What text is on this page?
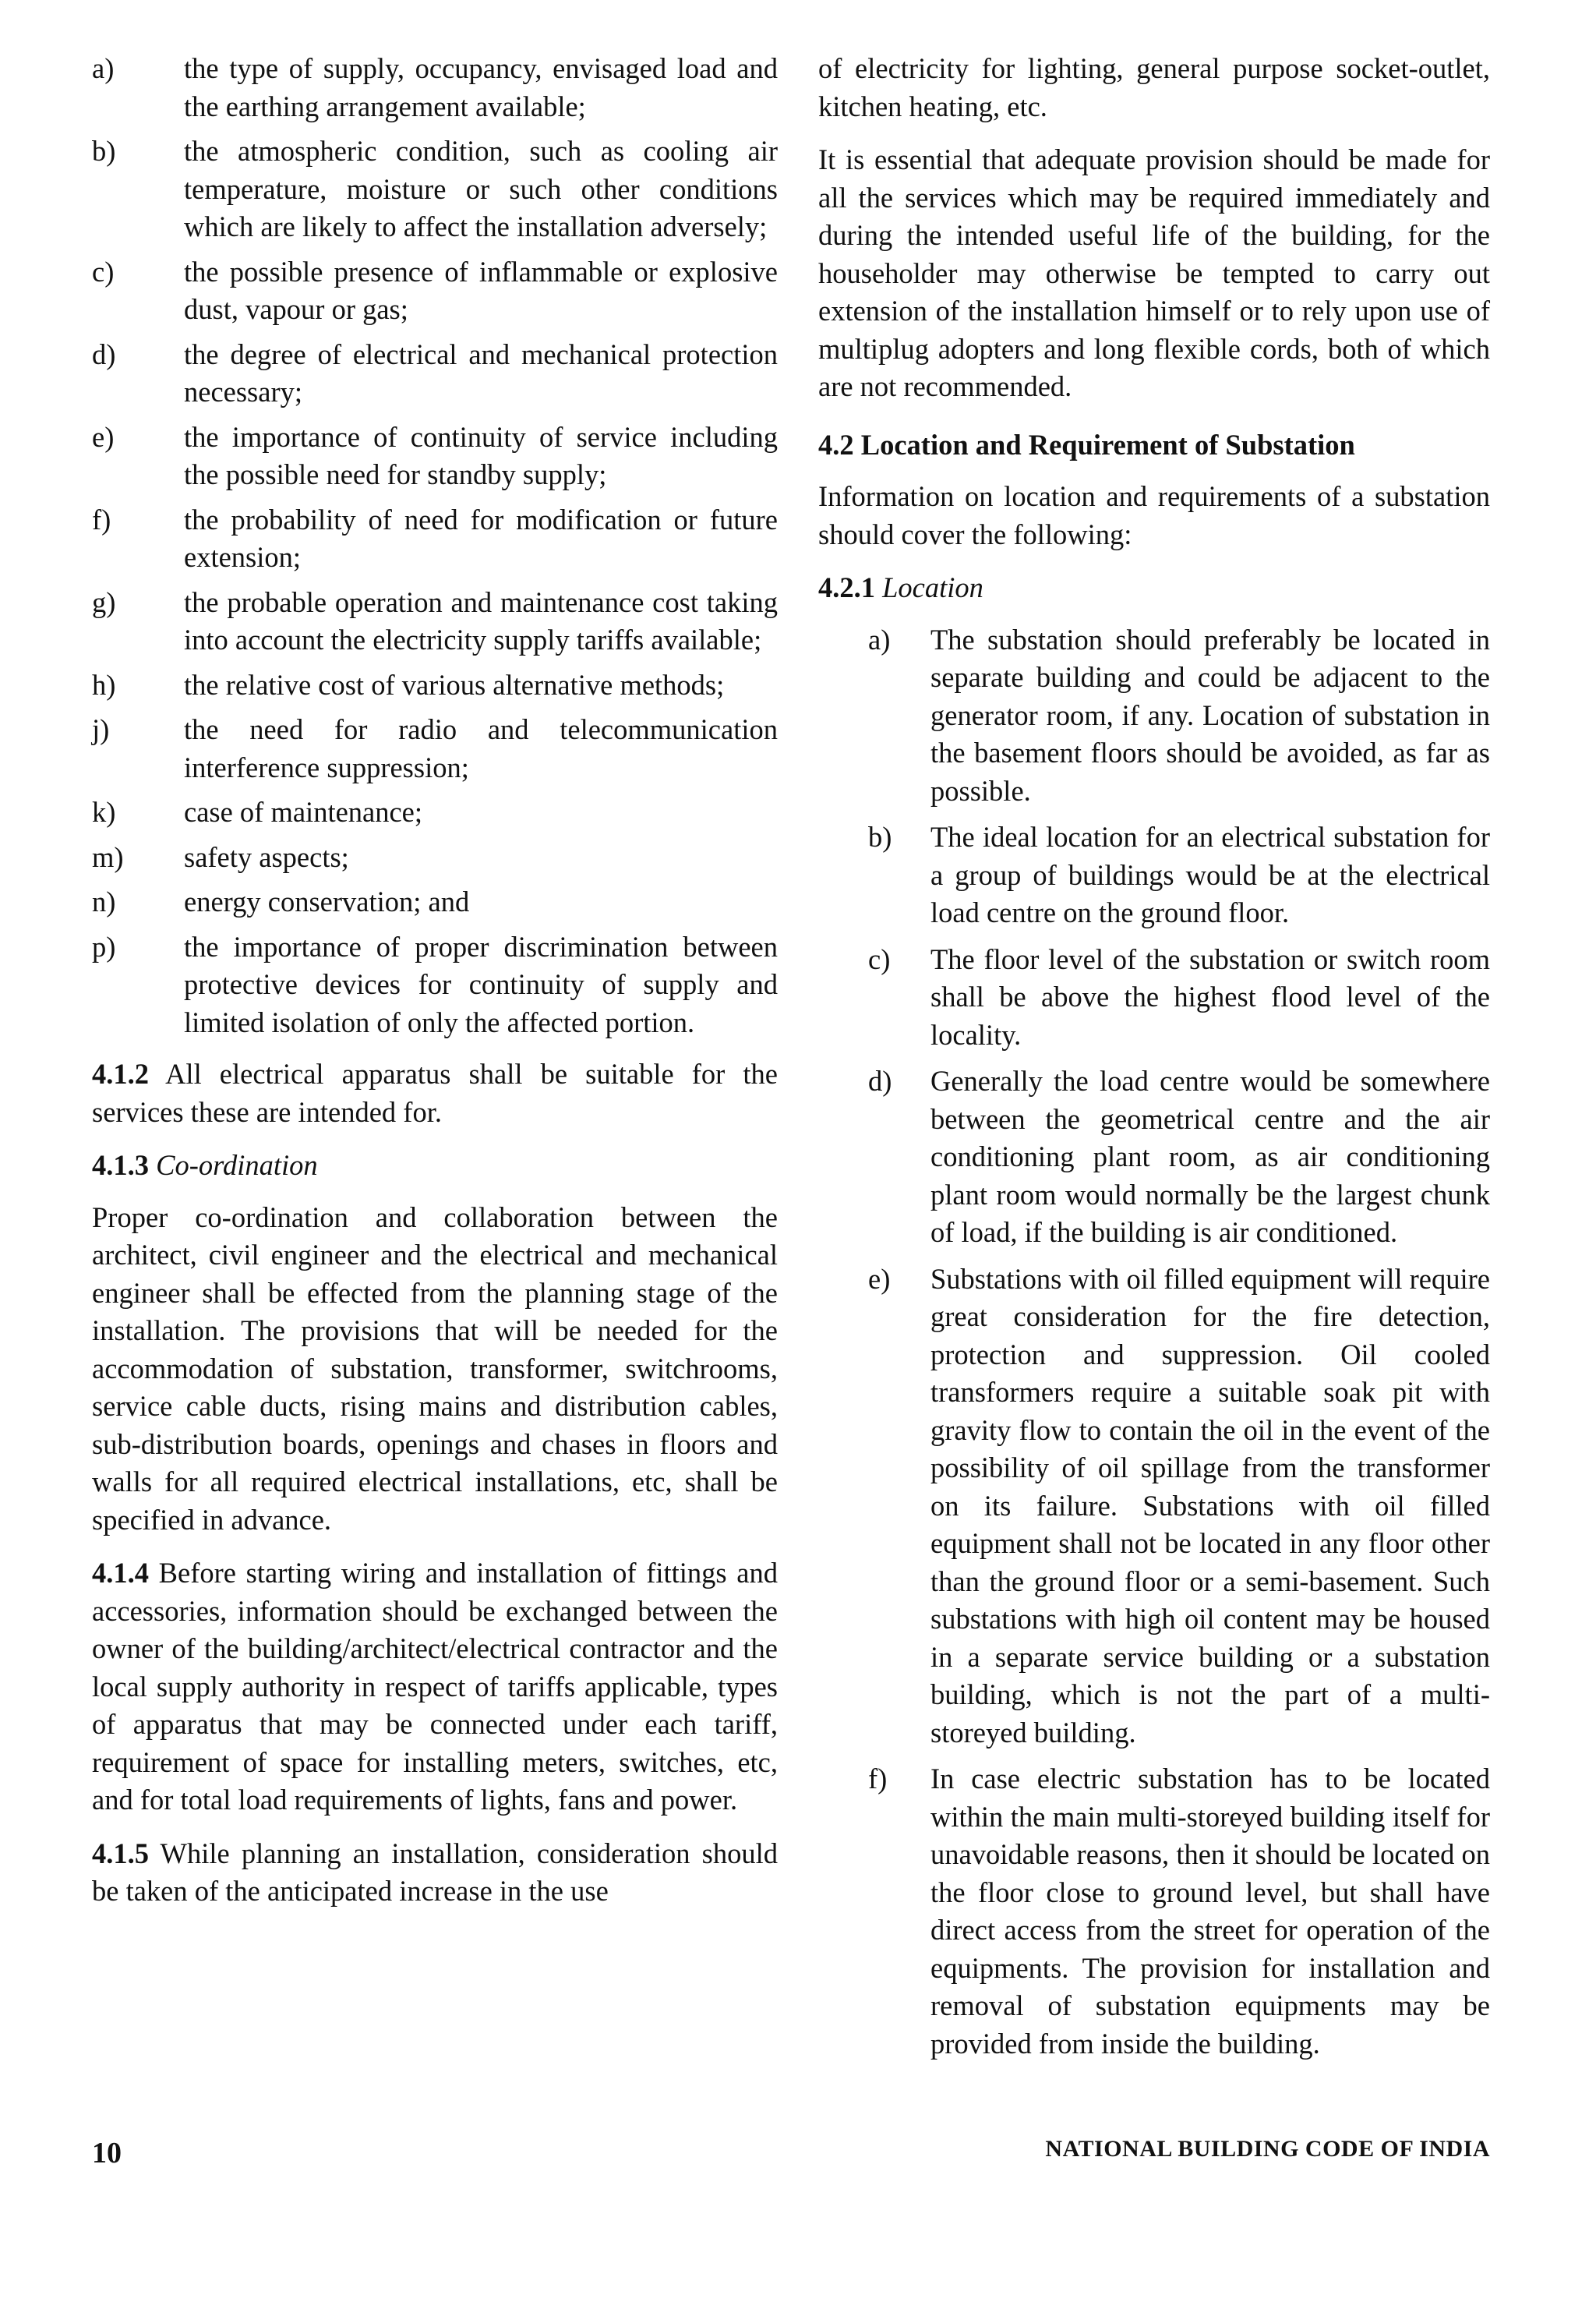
a)	the type of supply, occupancy, envisaged load and the earthing arrangement available;
b)	the atmospheric condition, such as cooling air temperature, moisture or such other conditions which are likely to affect the installation adversely;
c)	the possible presence of inflammable or explosive dust, vapour or gas;
d)	the degree of electrical and mechanical protection necessary;
e)	the importance of continuity of service including the possible need for standby supply;
f)	the probability of need for modification or future extension;
g)	the probable operation and maintenance cost taking into account the electricity supply tariffs available;
h)	the relative cost of various alternative methods;
j)	the need for radio and telecommunication interference suppression;
k)	case of maintenance;
m)	safety aspects;
n)	energy conservation; and
p)	the importance of proper discrimination between protective devices for continuity of supply and limited isolation of only the affected portion.

4.1.2 All electrical apparatus shall be suitable for the services these are intended for.

4.1.3 Co-ordination

Proper co-ordination and collaboration between the architect, civil engineer and the electrical and mechanical engineer shall be effected from the planning stage of the installation. The provisions that will be needed for the accommodation of substation, transformer, switchrooms, service cable ducts, rising mains and distribution cables, sub-distribution boards, openings and chases in floors and walls for all required electrical installations, etc, shall be specified in advance.

4.1.4 Before starting wiring and installation of fittings and accessories, information should be exchanged between the owner of the building/architect/electrical contractor and the local supply authority in respect of tariffs applicable, types of apparatus that may be connected under each tariff, requirement of space for installing meters, switches, etc, and for total load requirements of lights, fans and power.

4.1.5 While planning an installation, consideration should be taken of the anticipated increase in the use

of electricity for lighting, general purpose socket-outlet, kitchen heating, etc.

It is essential that adequate provision should be made for all the services which may be required immediately and during the intended useful life of the building, for the householder may otherwise be tempted to carry out extension of the installation himself or to rely upon use of multiplug adopters and long flexible cords, both of which are not recommended.

4.2 Location and Requirement of Substation

Information on location and requirements of a substation should cover the following:

4.2.1 Location

a)	The substation should preferably be located in separate building and could be adjacent to the generator room, if any. Location of substation in the basement floors should be avoided, as far as possible.
b)	The ideal location for an electrical substation for a group of buildings would be at the electrical load centre on the ground floor.
c)	The floor level of the substation or switch room shall be above the highest flood level of the locality.
d)	Generally the load centre would be somewhere between the geometrical centre and the air conditioning plant room, as air conditioning plant room would normally be the largest chunk of load, if the building is air conditioned.
e)	Substations with oil filled equipment will require great consideration for the fire detection, protection and suppression. Oil cooled transformers require a suitable soak pit with gravity flow to contain the oil in the event of the possibility of oil spillage from the transformer on its failure. Substations with oil filled equipment shall not be located in any floor other than the ground floor or a semi-basement. Such substations with high oil content may be housed in a separate service building or a substation building, which is not the part of a multi-storeyed building.
f)	In case electric substation has to be located within the main multi-storeyed building itself for unavoidable reasons, then it should be located on the floor close to ground level, but shall have direct access from the street for operation of the equipments. The provision for installation and removal of substation equipments may be provided from inside the building.
10	NATIONAL BUILDING CODE OF INDIA
